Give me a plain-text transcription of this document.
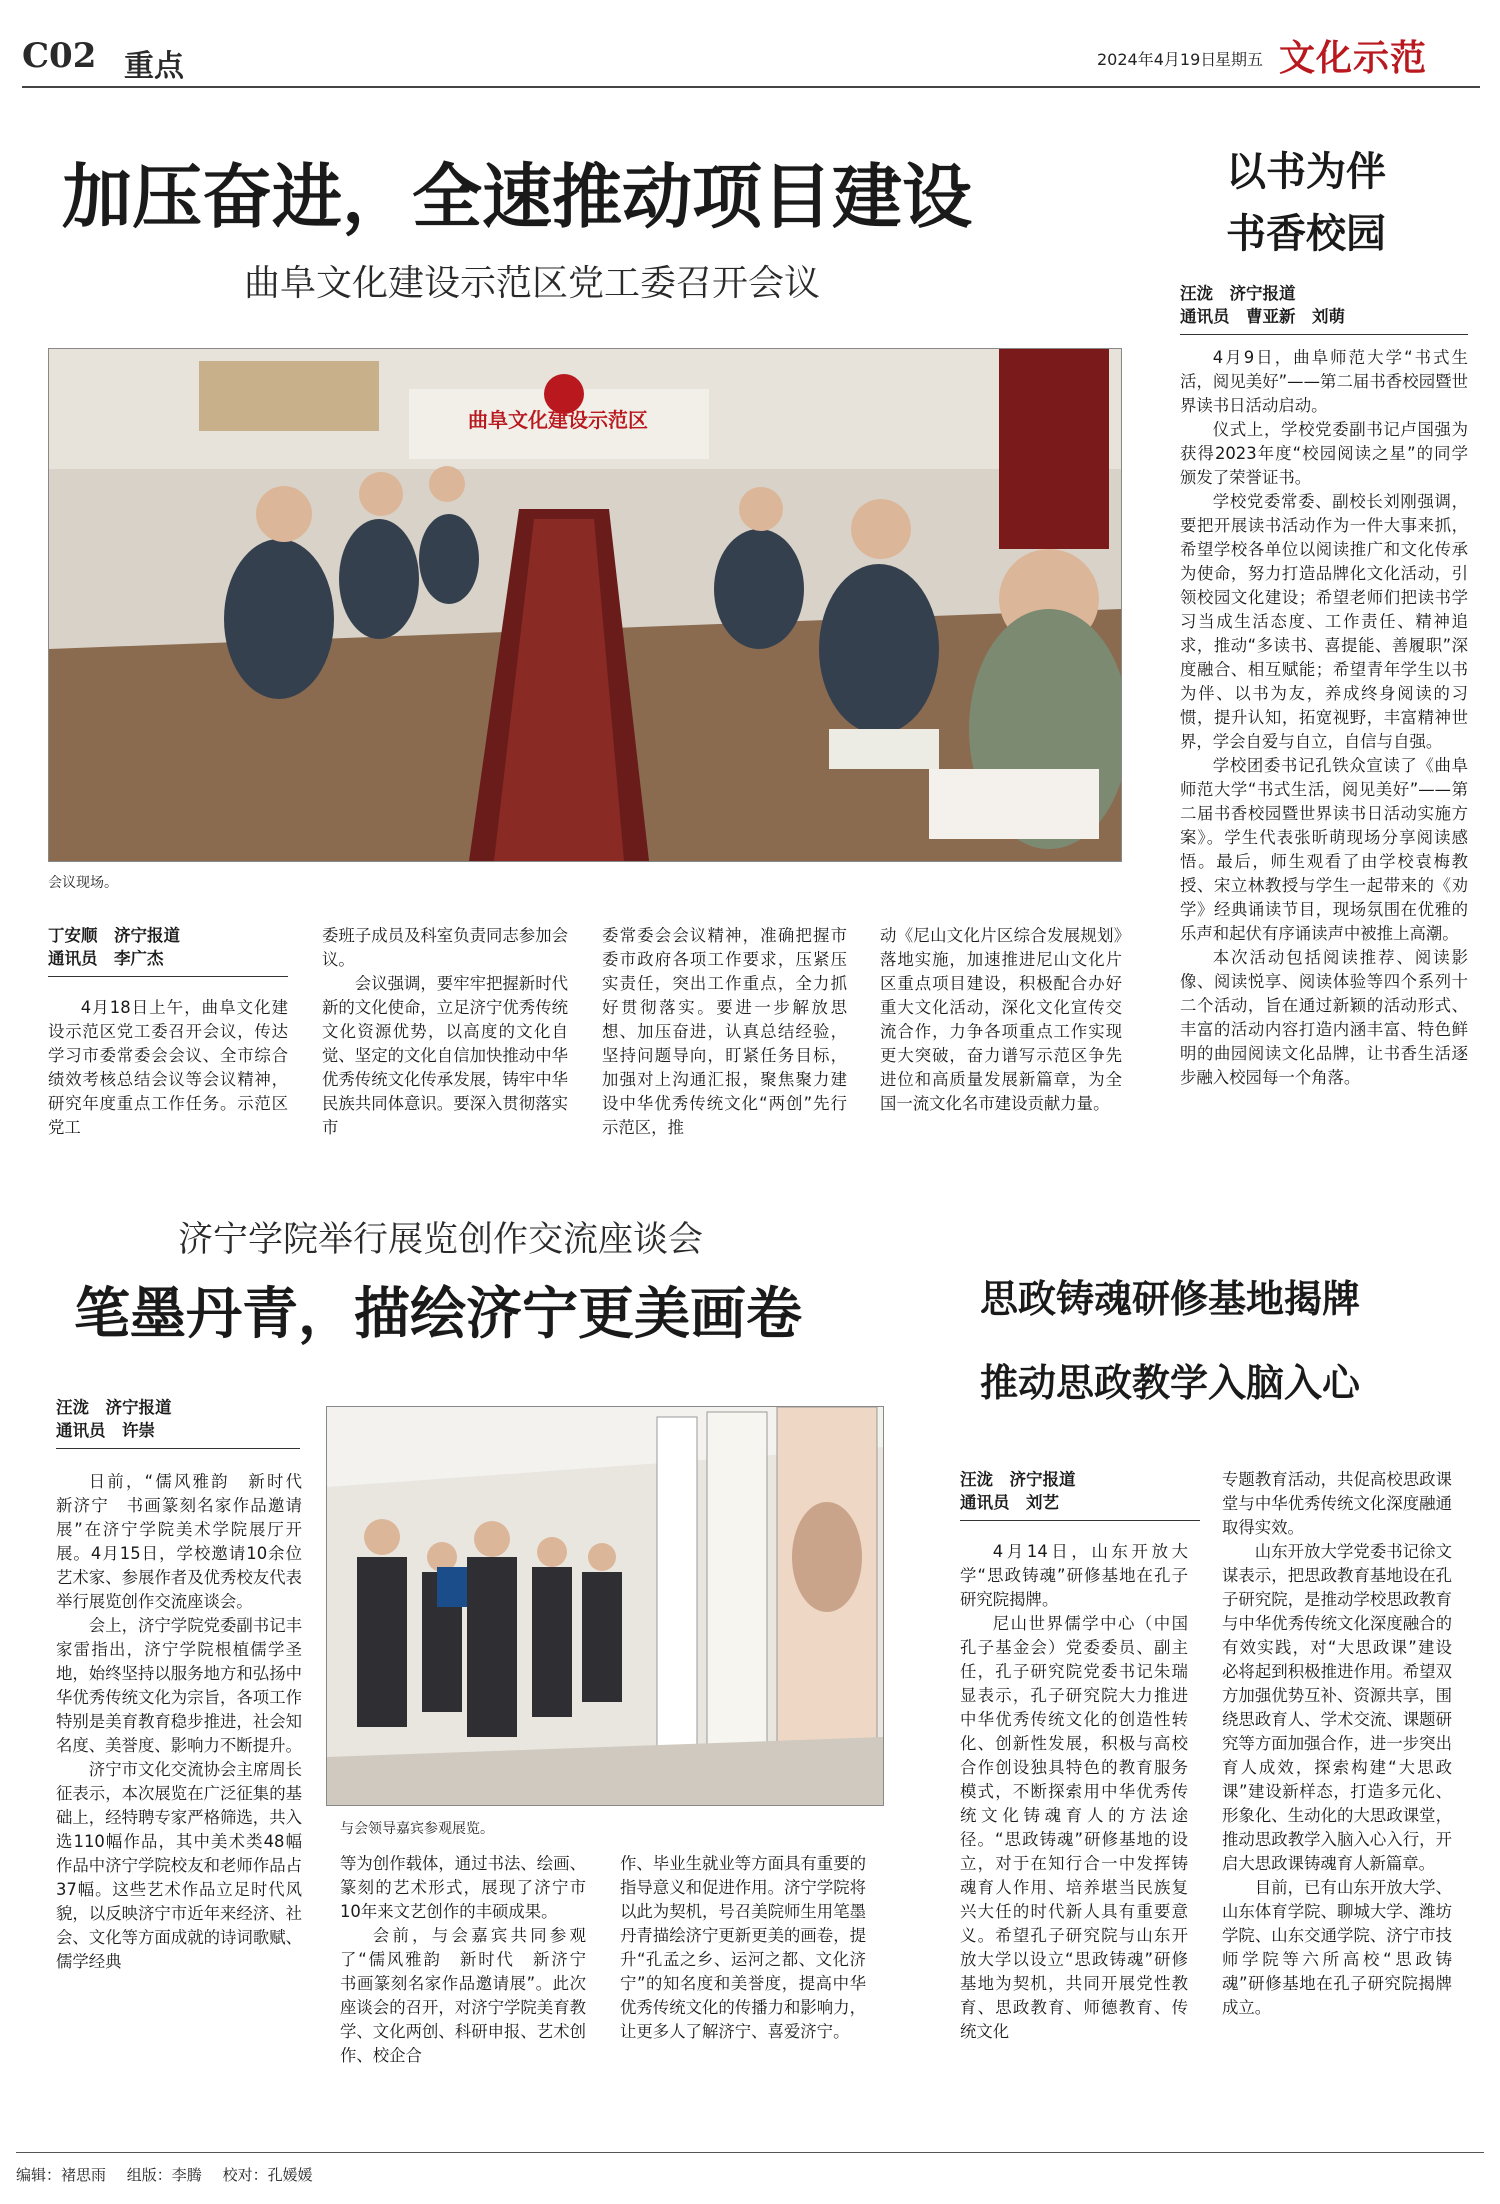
C02 重点	2024年4月19日
星期五 文化示范
加压奋进，全速推动项目建设
曲阜文化建设示范区党工委召开会议
曲阜文化建设示范区
会议现场。
丁安顺　济宁报道
通讯员　李广杰

4月18日上午，曲阜文化建设示范区党工委召开会议，传达学习市委常委会会议、全市综合绩效考核总结会议等会议精神，研究年度重点工作任务。示范区党工

委班子成员及科室负责同志参加会议。

会议强调，要牢牢把握新时代新的文化使命，立足济宁优秀传统文化资源优势，以高度的文化自觉、坚定的文化自信加快推动中华优秀传统文化传承发展，铸牢中华民族共同体意识。要深入贯彻落实市

委常委会会议精神，准确把握市委市政府各项工作要求，压紧压实责任，突出工作重点，全力抓好贯彻落实。要进一步解放思想、加压奋进，认真总结经验，坚持问题导向，盯紧任务目标，加强对上沟通汇报，聚焦聚力建设中华优秀传统文化“两创”先行示范区，推

动《尼山文化片区综合发展规划》落地实施，加速推进尼山文化片区重点项目建设，积极配合办好重大文化活动，深化文化宣传交流合作，力争各项重点工作实现更大突破，奋力谱写示范区争先进位和高质量发展新篇章，为全国一流文化名市建设贡献力量。

以书为伴
书香校园
汪泷　济宁报道
通讯员　曹亚新　刘萌

4月9日，曲阜师范大学“书式生活，阅见美好”——第二届书香校园暨世界读书日活动启动。

仪式上，学校党委副书记卢国强为获得2023年度“校园阅读之星”的同学颁发了荣誉证书。

学校党委常委、副校长刘刚强调，要把开展读书活动作为一件大事来抓，希望学校各单位以阅读推广和文化传承为使命，努力打造品牌化文化活动，引领校园文化建设；希望老师们把读书学习当成生活态度、工作责任、精神追求，推动“多读书、喜提能、善履职”深度融合、相互赋能；希望青年学生以书为伴、以书为友，养成终身阅读的习惯，提升认知，拓宽视野，丰富精神世界，学会自爱与自立，自信与自强。

学校团委书记孔铁众宣读了《曲阜师范大学“书式生活，阅见美好”——第二届书香校园暨世界读书日活动实施方案》。学生代表张昕萌现场分享阅读感悟。最后，师生观看了由学校袁梅教授、宋立林教授与学生一起带来的《劝学》经典诵读节目，现场氛围在优雅的乐声和起伏有序诵读声中被推上高潮。

本次活动包括阅读推荐、阅读影像、阅读悦享、阅读体验等四个系列十二个活动，旨在通过新颖的活动形式、丰富的活动内容打造内涵丰富、特色鲜明的曲园阅读文化品牌，让书香生活逐步融入校园每一个角落。

济宁学院举行展览创作交流座谈会
笔墨丹青，描绘济宁更美画卷
汪泷　济宁报道
通讯员　许崇

日前，“儒风雅韵　新时代　新济宁　书画篆刻名家作品邀请展”在济宁学院美术学院展厅开展。4月15日，学校邀请10余位艺术家、参展作者及优秀校友代表举行展览创作交流座谈会。

会上，济宁学院党委副书记丰家雷指出，济宁学院根植儒学圣地，始终坚持以服务地方和弘扬中华优秀传统文化为宗旨，各项工作特别是美育教育稳步推进，社会知名度、美誉度、影响力不断提升。

济宁市文化交流协会主席周长征表示，本次展览在广泛征集的基础上，经特聘专家严格筛选，共入选110幅作品，其中美术类48幅作品中济宁学院校友和老师作品占37幅。这些艺术作品立足时代风貌，以反映济宁市近年来经济、社会、文化等方面成就的诗词歌赋、儒学经典

与会领导嘉宾参观展览。

等为创作载体，通过书法、绘画、篆刻的艺术形式，展现了济宁市10年来文艺创作的丰硕成果。

会前，与会嘉宾共同参观了“儒风雅韵　新时代　新济宁　书画篆刻名家作品邀请展”。此次座谈会的召开，对济宁学院美育教学、文化两创、科研申报、艺术创作、校企合

作、毕业生就业等方面具有重要的指导意义和促进作用。济宁学院将以此为契机，号召美院师生用笔墨丹青描绘济宁更新更美的画卷，提升“孔孟之乡、运河之都、文化济宁”的知名度和美誉度，提高中华优秀传统文化的传播力和影响力，让更多人了解济宁、喜爱济宁。

思政铸魂研修基地揭牌
推动思政教学入脑入心
汪泷　济宁报道
通讯员　刘艺

4月14日，山东开放大学“思政铸魂”研修基地在孔子研究院揭牌。

尼山世界儒学中心（中国孔子基金会）党委委员、副主任，孔子研究院党委书记朱瑞显表示，孔子研究院大力推进中华优秀传统文化的创造性转化、创新性发展，积极与高校合作创设独具特色的教育服务模式，不断探索用中华优秀传统文化铸魂育人的方法途径。“思政铸魂”研修基地的设立，对于在知行合一中发挥铸魂育人作用、培养堪当民族复兴大任的时代新人具有重要意义。希望孔子研究院与山东开放大学以设立“思政铸魂”研修基地为契机，共同开展党性教育、思政教育、师德教育、传统文化

专题教育活动，共促高校思政课堂与中华优秀传统文化深度融通取得实效。

山东开放大学党委书记徐文谋表示，把思政教育基地设在孔子研究院，是推动学校思政教育与中华优秀传统文化深度融合的有效实践，对“大思政课”建设必将起到积极推进作用。希望双方加强优势互补、资源共享，围绕思政育人、学术交流、课题研究等方面加强合作，进一步突出育人成效，探索构建“大思政课”建设新样态，打造多元化、形象化、生动化的大思政课堂，推动思政教学入脑入心入行，开启大思政课铸魂育人新篇章。

目前，已有山东开放大学、山东体育学院、聊城大学、潍坊学院、山东交通学院、济宁市技师学院等六所高校“思政铸魂”研修基地在孔子研究院揭牌成立。

编辑：褚思雨 组版：李腾 校对：孔媛媛
